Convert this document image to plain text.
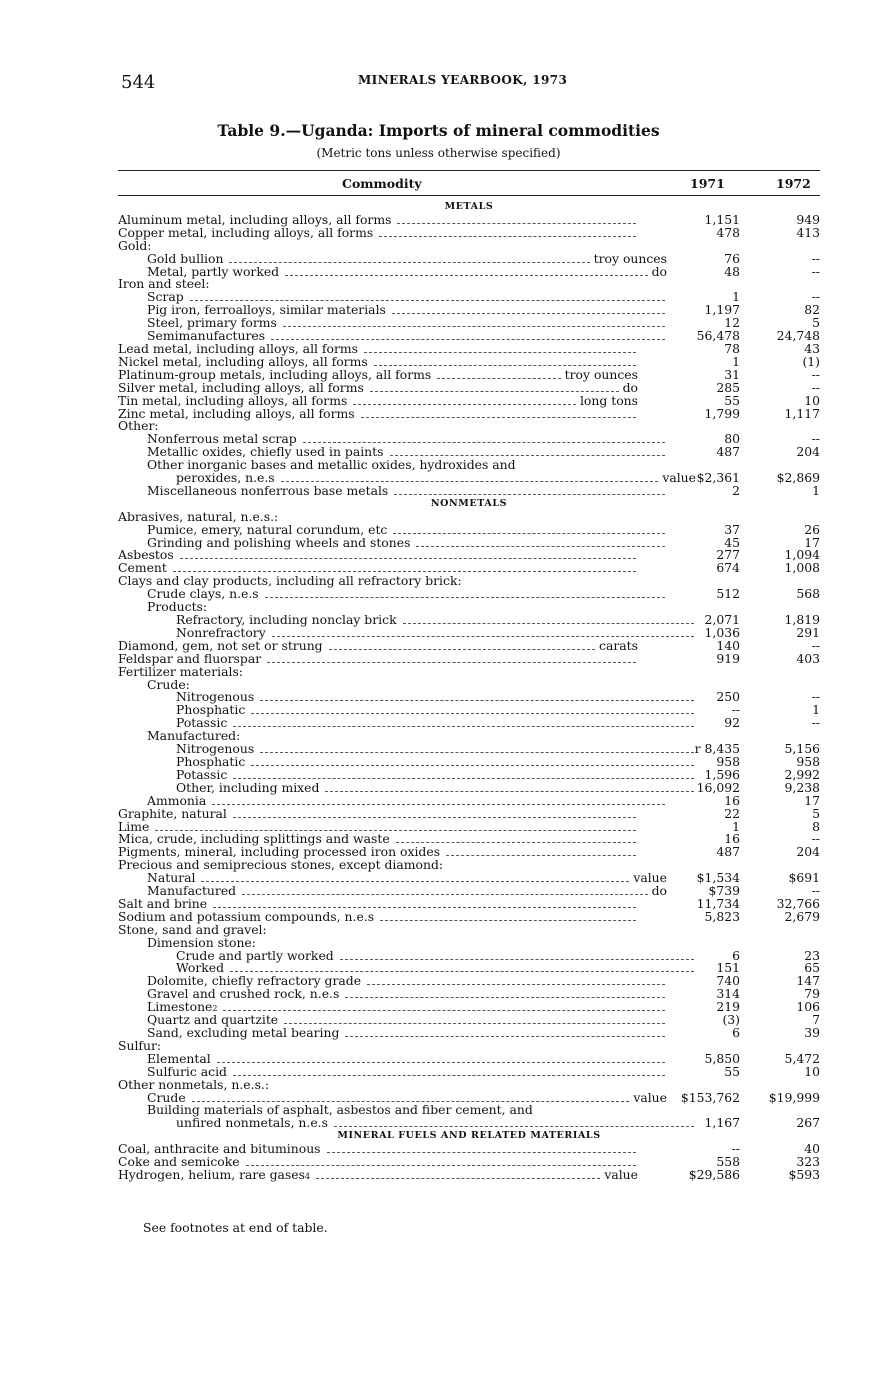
544	MINERALS YEARBOOK, 1973
Table 9.—Uganda: Imports of mineral commodities
(Metric tons unless otherwise specified)
Commodity	1971	1972
METALS
Aluminum metal, including alloys, all forms	1,151	949
Copper metal, including alloys, all forms	478	413
Gold:
Gold bullion	troy ounces	76	--
Metal, partly worked	do	48	--
Iron and steel:
Scrap	1	--
Pig iron, ferroalloys, similar materials	1,197	82
Steel, primary forms	12	5
Semimanufactures	56,478	24,748
Lead metal, including alloys, all forms	78	43
Nickel metal, including alloys, all forms	1	(1)
Platinum-group metals, including alloys, all forms	troy ounces	31	--
Silver metal, including alloys, all forms	do	285	--
Tin metal, including alloys, all forms	long tons	55	10
Zinc metal, including alloys, all forms	1,799	1,117
Other:
Nonferrous metal scrap	80	--
Metallic oxides, chiefly used in paints	487	204
Other inorganic bases and metallic oxides, hydroxides and
peroxides, n.e.s	value $2,361	$2,869
Miscellaneous nonferrous base metals	2	1
NONMETALS
Abrasives, natural, n.e.s.:
Pumice, emery, natural corundum, etc	37	26
Grinding and polishing wheels and stones	45	17
Asbestos	277	1,094
Cement	674	1,008
Clays and clay products, including all refractory brick:
Crude clays, n.e.s	512	568
Products:
Refractory, including nonclay brick	2,071	1,819
Nonrefractory	1,036	291
Diamond, gem, not set or strung	carats	140	--
Feldspar and fluorspar	919	403
Fertilizer materials:
Crude:
Nitrogenous	250	--
Phosphatic	--	1
Potassic	92	--
Manufactured:
Nitrogenous	r 8,435	5,156
Phosphatic	958	958
Potassic	1,596	2,992
Other, including mixed	16,092	9,238
Ammonia	16	17
Graphite, natural	22	5
Lime	1	8
Mica, crude, including splittings and waste	16	--
Pigments, mineral, including processed iron oxides	487	204
Precious and semiprecious stones, except diamond:
Natural	value $1,534	$691
Manufactured	do	$739	--
Salt and brine	11,734	32,766
Sodium and potassium compounds, n.e.s	5,823	2,679
Stone, sand and gravel:
Dimension stone:
Crude and partly worked	6	23
Worked	151	65
Dolomite, chiefly refractory grade	740	147
Gravel and crushed rock, n.e.s	314	79
Limestone 2	219	106
Quartz and quartzite	(3)	7
Sand, excluding metal bearing	6	39
Sulfur:
Elemental	5,850	5,472
Sulfuric acid	55	10
Other nonmetals, n.e.s.:
Crude	value $153,762 $19,999
Building materials of asphalt, asbestos and fiber cement, and
unfired nonmetals, n.e.s	1,167	267
MINERAL FUELS AND RELATED MATERIALS
Coal, anthracite and bituminous	--	40
Coke and semicoke	558	323
Hydrogen, helium, rare gases 4	value	$29,586	$593
See footnotes at end of table.
